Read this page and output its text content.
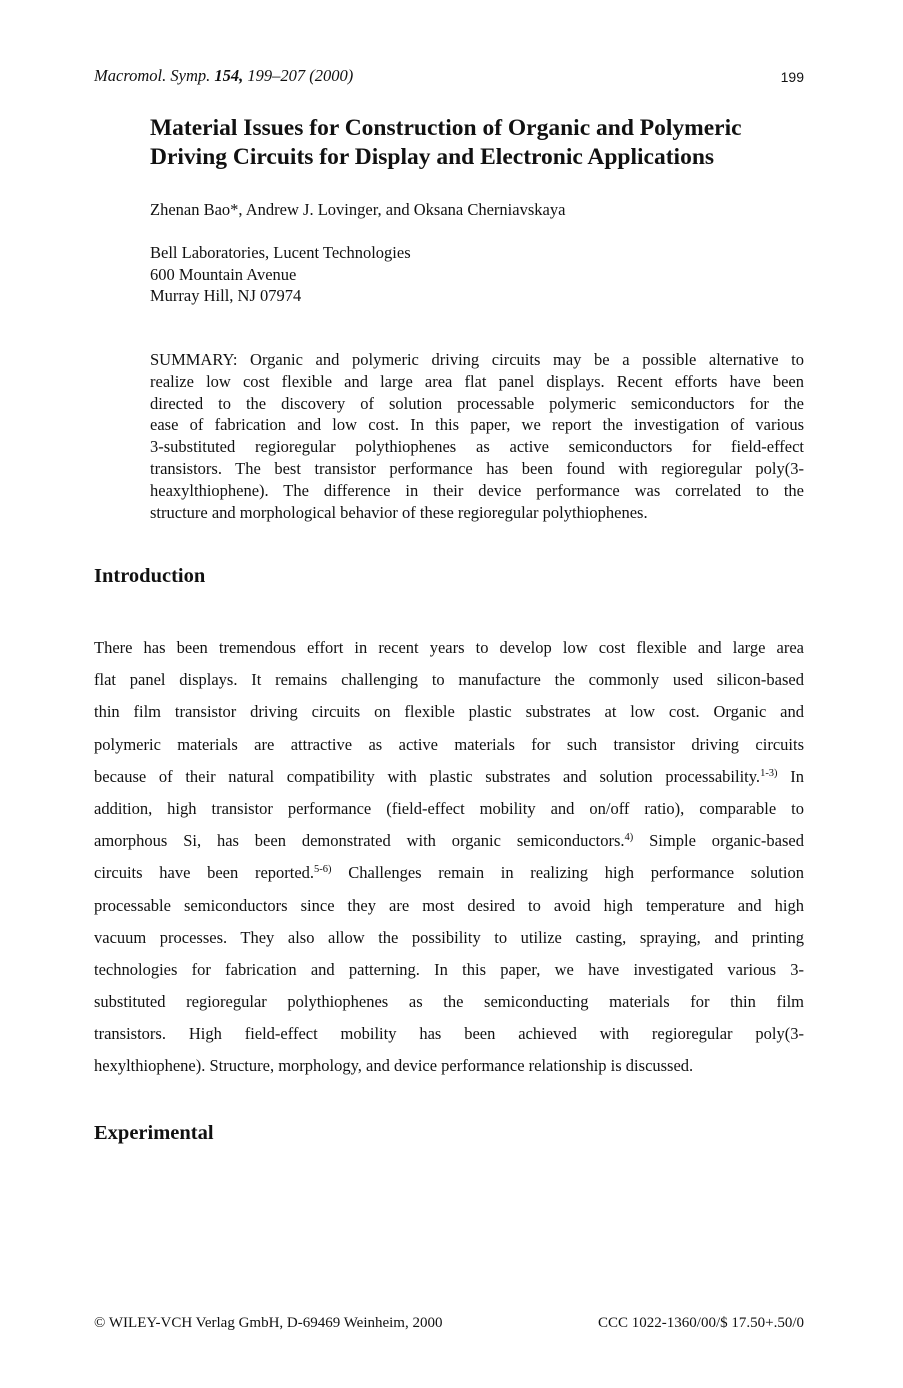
Macromol. Symp. 154, 199–207 (2000)	199
Material Issues for Construction of Organic and Polymeric
Driving Circuits for Display and Electronic Applications
Zhenan Bao*, Andrew J. Lovinger, and Oksana Cherniavskaya
Bell Laboratories, Lucent Technologies
600 Mountain Avenue
Murray Hill, NJ 07974
SUMMARY: Organic and polymeric driving circuits may be a possible alternative to
realize low cost flexible and large area flat panel displays. Recent efforts have been
directed to the discovery of solution processable polymeric semiconductors for the
ease of fabrication and low cost. In this paper, we report the investigation of various
3-substituted regioregular polythiophenes as active semiconductors for field-effect
transistors. The best transistor performance has been found with regioregular poly(3-
heaxylthiophene). The difference in their device performance was correlated to the
structure and morphological behavior of these regioregular polythiophenes.
Introduction
There has been tremendous effort in recent years to develop low cost flexible and large area
flat panel displays. It remains challenging to manufacture the commonly used silicon-based
thin film transistor driving circuits on flexible plastic substrates at low cost. Organic and
polymeric materials are attractive as active materials for such transistor driving circuits
because of their natural compatibility with plastic substrates and solution processability.$^{1-3)}$ In
addition, high transistor performance (field-effect mobility and on/off ratio), comparable to
amorphous Si, has been demonstrated with organic semiconductors.$^{4)}$ Simple organic-based
circuits have been reported.$^{5-6)}$ Challenges remain in realizing high performance solution
processable semiconductors since they are most desired to avoid high temperature and high
vacuum processes. They also allow the possibility to utilize casting, spraying, and printing
technologies for fabrication and patterning. In this paper, we have investigated various 3-
substituted regioregular polythiophenes as the semiconducting materials for thin film
transistors. High field-effect mobility has been achieved with regioregular poly(3-
hexylthiophene). Structure, morphology, and device performance relationship is discussed.
Experimental
© WILEY-VCH Verlag GmbH, D-69469 Weinheim, 2000	CCC 1022-1360/00/$ 17.50+.50/0
